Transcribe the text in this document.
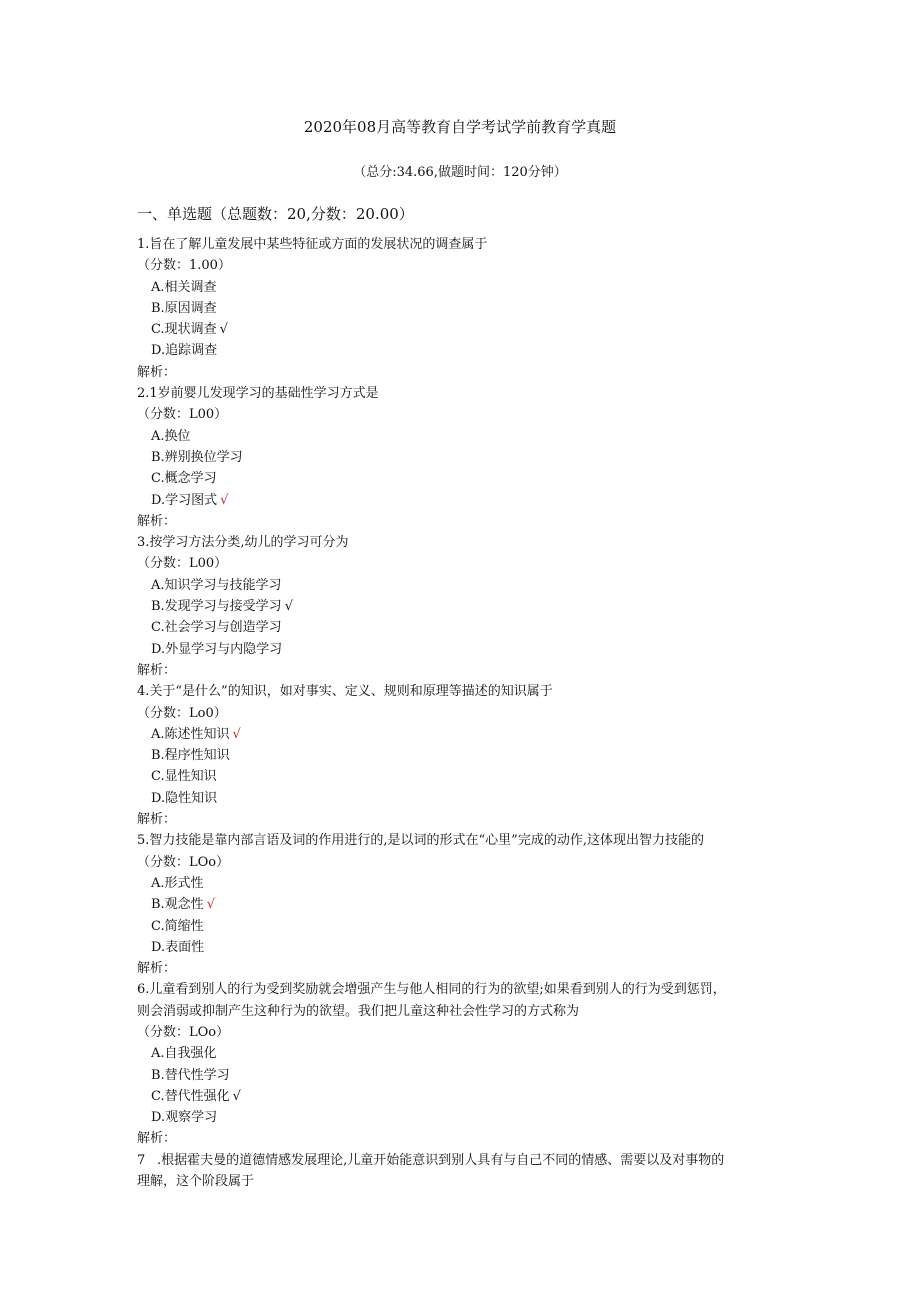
2020年08月高等教育自学考试学前教育学真题
（总分:34.66,做题时间：120分钟）
一、单选题（总题数：20,分数：20.00）
1.旨在了解儿童发展中某些特征或方面的发展状况的调查属于
（分数：1.00）
A.相关调查
B.原因调查
C.现状调查 √
D.追踪调查
解析：
2.1岁前婴儿发现学习的基础性学习方式是
（分数：L00）
A.换位
B.辨别换位学习
C.概念学习
D.学习图式 √
解析：
3.按学习方法分类,幼儿的学习可分为
（分数：L00）
A.知识学习与技能学习
B.发现学习与接受学习 √
C.社会学习与创造学习
D.外显学习与内隐学习
解析：
4.关于“是什么”的知识，如对事实、定义、规则和原理等描述的知识属于
（分数：Lo0）
A.陈述性知识 √
B.程序性知识
C.显性知识
D.隐性知识
解析：
5.智力技能是靠内部言语及词的作用进行的,是以词的形式在“心里”完成的动作,这体现出智力技能的
（分数：LOo）
A.形式性
B.观念性 √
C.简缩性
D.表面性
解析：
6.儿童看到别人的行为受到奖励就会增强产生与他人相同的行为的欲望;如果看到别人的行为受到惩罚，
则会消弱或抑制产生这种行为的欲望。我们把儿童这种社会性学习的方式称为
（分数：LOo）
A.自我强化
B.替代性学习
C.替代性强化 √
D.观察学习
解析：
7 .根据霍夫曼的道德情感发展理论,儿童开始能意识到别人具有与自己不同的情感、需要以及对事物的
理解，这个阶段属于
